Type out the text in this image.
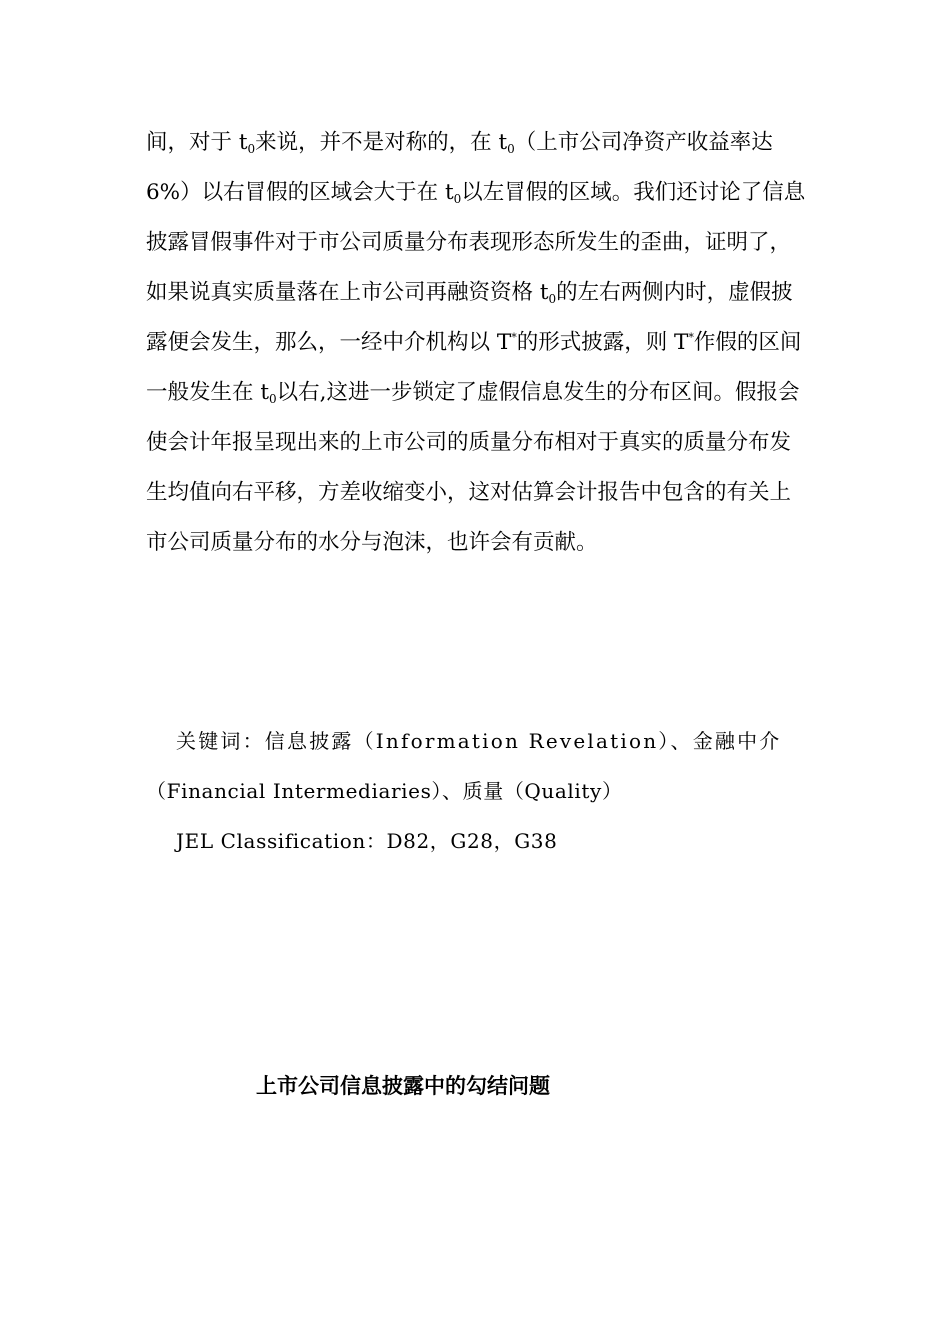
间，对于 t0来说，并不是对称的，在 t0（上市公司净资产收益率达
6%）以右冒假的区域会大于在 t0以左冒假的区域。我们还讨论了信息
披露冒假事件对于市公司质量分布表现形态所发生的歪曲，证明了，
如果说真实质量落在上市公司再融资资格 t0的左右两侧内时，虚假披
露便会发生，那么，一经中介机构以 T*的形式披露，则 T*作假的区间
一般发生在 t0以右,这进一步锁定了虚假信息发生的分布区间。假报会
使会计年报呈现出来的上市公司的质量分布相对于真实的质量分布发
生均值向右平移，方差收缩变小，这对估算会计报告中包含的有关上
市公司质量分布的水分与泡沫，也许会有贡献。
关键词：信息披露（Information Revelation）、金融中介
（Financial Intermediaries）、质量（Quality）
JEL Classification：D82，G28，G38
上市公司信息披露中的勾结问题
